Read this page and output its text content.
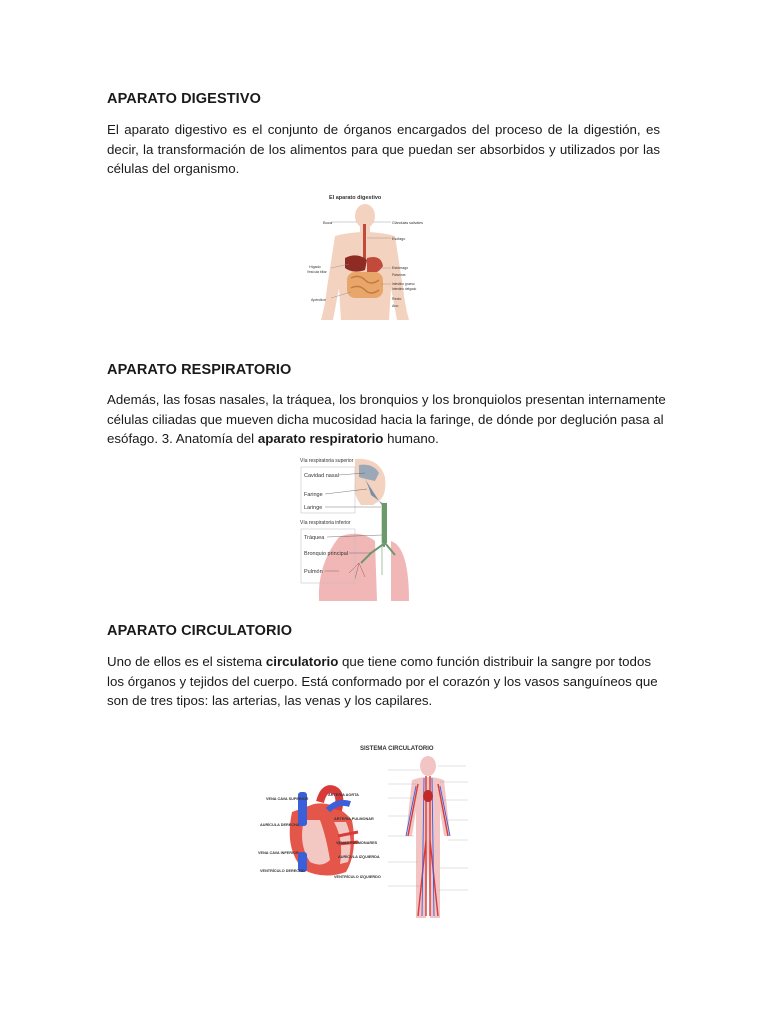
APARATO DIGESTIVO

El aparato digestivo es el conjunto de órganos encargados del proceso de la digestión, es decir, la transformación de los alimentos para que puedan ser absorbidos y utilizados por las células del organismo.

El aparato digestivo
Boca
Hígado
Vesícula biliar
Apéndice
Glándulas salivales
Esófago
Estómago
Páncreas
Intestino grueso
Intestino delgado
Recto
Ano
APARATO RESPIRATORIO

Además, las fosas nasales, la tráquea, los bronquios y los bronquiolos presentan internamente células ciliadas que mueven dicha mucosidad hacia la faringe, de dónde por deglución pasa al esófago. 3. Anatomía del aparato respiratorio humano.

Vía respiratoria superior
Cavidad nasal
Faringe
Laringe
Vía respiratoria inferior
Tráquea
Bronquio principal
Pulmón
APARATO CIRCULATORIO

Uno de ellos es el sistema circulatorio que tiene como función distribuir la sangre por todos los órganos y tejidos del cuerpo. Está conformado por el corazón y los vasos sanguíneos que son de tres tipos: las arterias, las venas y los capilares.

SISTEMA CIRCULATORIO
VENA CAVA SUPERIOR
AURÍCULA DERECHA
VENA CAVA INFERIOR
VENTRÍCULO DERECHO
ARTERIA AORTA
ARTERIA PULMONAR
VENAS PULMONARES
AURÍCULA IZQUIERDA
VENTRÍCULO IZQUIERDO
